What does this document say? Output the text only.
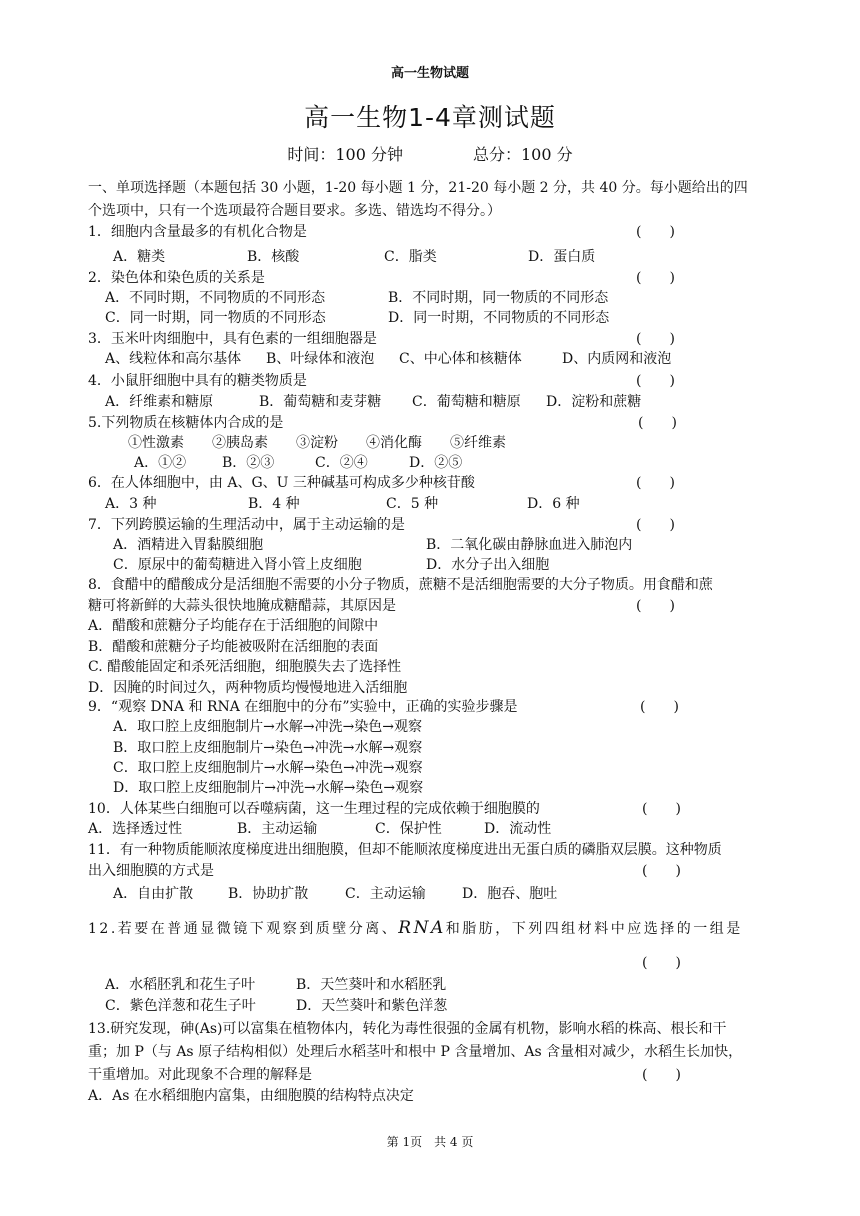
高一生物试题
高一生物1-4章测试题
时间：100 分钟	总分：100 分
一、单项选择题（本题包括 30 小题，1-20 每小题 1 分，21-20 每小题 2 分，共 40 分。每小题给出的四
个选项中，只有一个选项最符合题目要求。多选、错选均不得分。）
1．细胞内含量最多的有机化合物是	(　　)
A．糖类	B．核酸	C．脂类	D．蛋白质
2．染色体和染色质的关系是	(　　)
A．不同时期，不同物质的不同形态	B．不同时期，同一物质的不同形态
C．同一时期，同一物质的不同形态	D．同一时期，不同物质的不同形态
3．玉米叶肉细胞中，具有色素的一组细胞器是	(　　)
A、线粒体和高尔基体 B、叶绿体和液泡 C、中心体和核糖体	D、内质网和液泡
4．小鼠肝细胞中具有的糖类物质是	(　　)
A．纤维素和糖原	B．葡萄糖和麦芽糖 C．葡萄糖和糖原 D．淀粉和蔗糖
5.下列物质在核糖体内合成的是	(　　)
①性激素　　②胰岛素　　③淀粉　　④消化酶　　⑤纤维素
A．①②	B．②③	C．②④	D．②⑤
6．在人体细胞中，由 A、G、U 三种碱基可构成多少种核苷酸	(　　)
A．3 种	B．4 种	C．5 种	D．6 种
7．下列跨膜运输的生理活动中，属于主动运输的是	(　　)
A．酒精进入胃黏膜细胞	B．二氧化碳由静脉血进入肺泡内
C．原尿中的葡萄糖进入肾小管上皮细胞	D．水分子出入细胞
8．食醋中的醋酸成分是活细胞不需要的小分子物质，蔗糖不是活细胞需要的大分子物质。用食醋和蔗
糖可将新鲜的大蒜头很快地腌成糖醋蒜，其原因是	(　　)
A．醋酸和蔗糖分子均能存在于活细胞的间隙中
B．醋酸和蔗糖分子均能被吸附在活细胞的表面
C. 醋酸能固定和杀死活细胞，细胞膜失去了选择性
D．因腌的时间过久，两种物质均慢慢地进入活细胞
9．“观察 DNA 和 RNA 在细胞中的分布”实验中，正确的实验步骤是	(　　)
A．取口腔上皮细胞制片→水解→冲洗→染色→观察
B．取口腔上皮细胞制片→染色→冲洗→水解→观察
C．取口腔上皮细胞制片→水解→染色→冲洗→观察
D．取口腔上皮细胞制片→冲洗→水解→染色→观察
10．人体某些白细胞可以吞噬病菌，这一生理过程的完成依赖于细胞膜的	(　　)
A．选择透过性	B．主动运输	C．保护性	D．流动性
11．有一种物质能顺浓度梯度进出细胞膜，但却不能顺浓度梯度进出无蛋白质的磷脂双层膜。这种物质
出入细胞膜的方式是	(　　)
A．自由扩散 B．协助扩散	C．主动运输	D．胞吞、胞吐
12.若要在普通显微镜下观察到质壁分离、RNA和脂肪，下列四组材料中应选择的一组是
(　　)
A．水稻胚乳和花生子叶	B．天竺葵叶和水稻胚乳
C．紫色洋葱和花生子叶	D．天竺葵叶和紫色洋葱
13.研究发现，砷(As)可以富集在植物体内，转化为毒性很强的金属有机物，影响水稻的株高、根长和干
重；加 P（与 As 原子结构相似）处理后水稻茎叶和根中 P 含量增加、As 含量相对减少，水稻生长加快，
干重增加。对此现象不合理的解释是	(　　)
A．As 在水稻细胞内富集，由细胞膜的结构特点决定
第 1页　共 4 页
